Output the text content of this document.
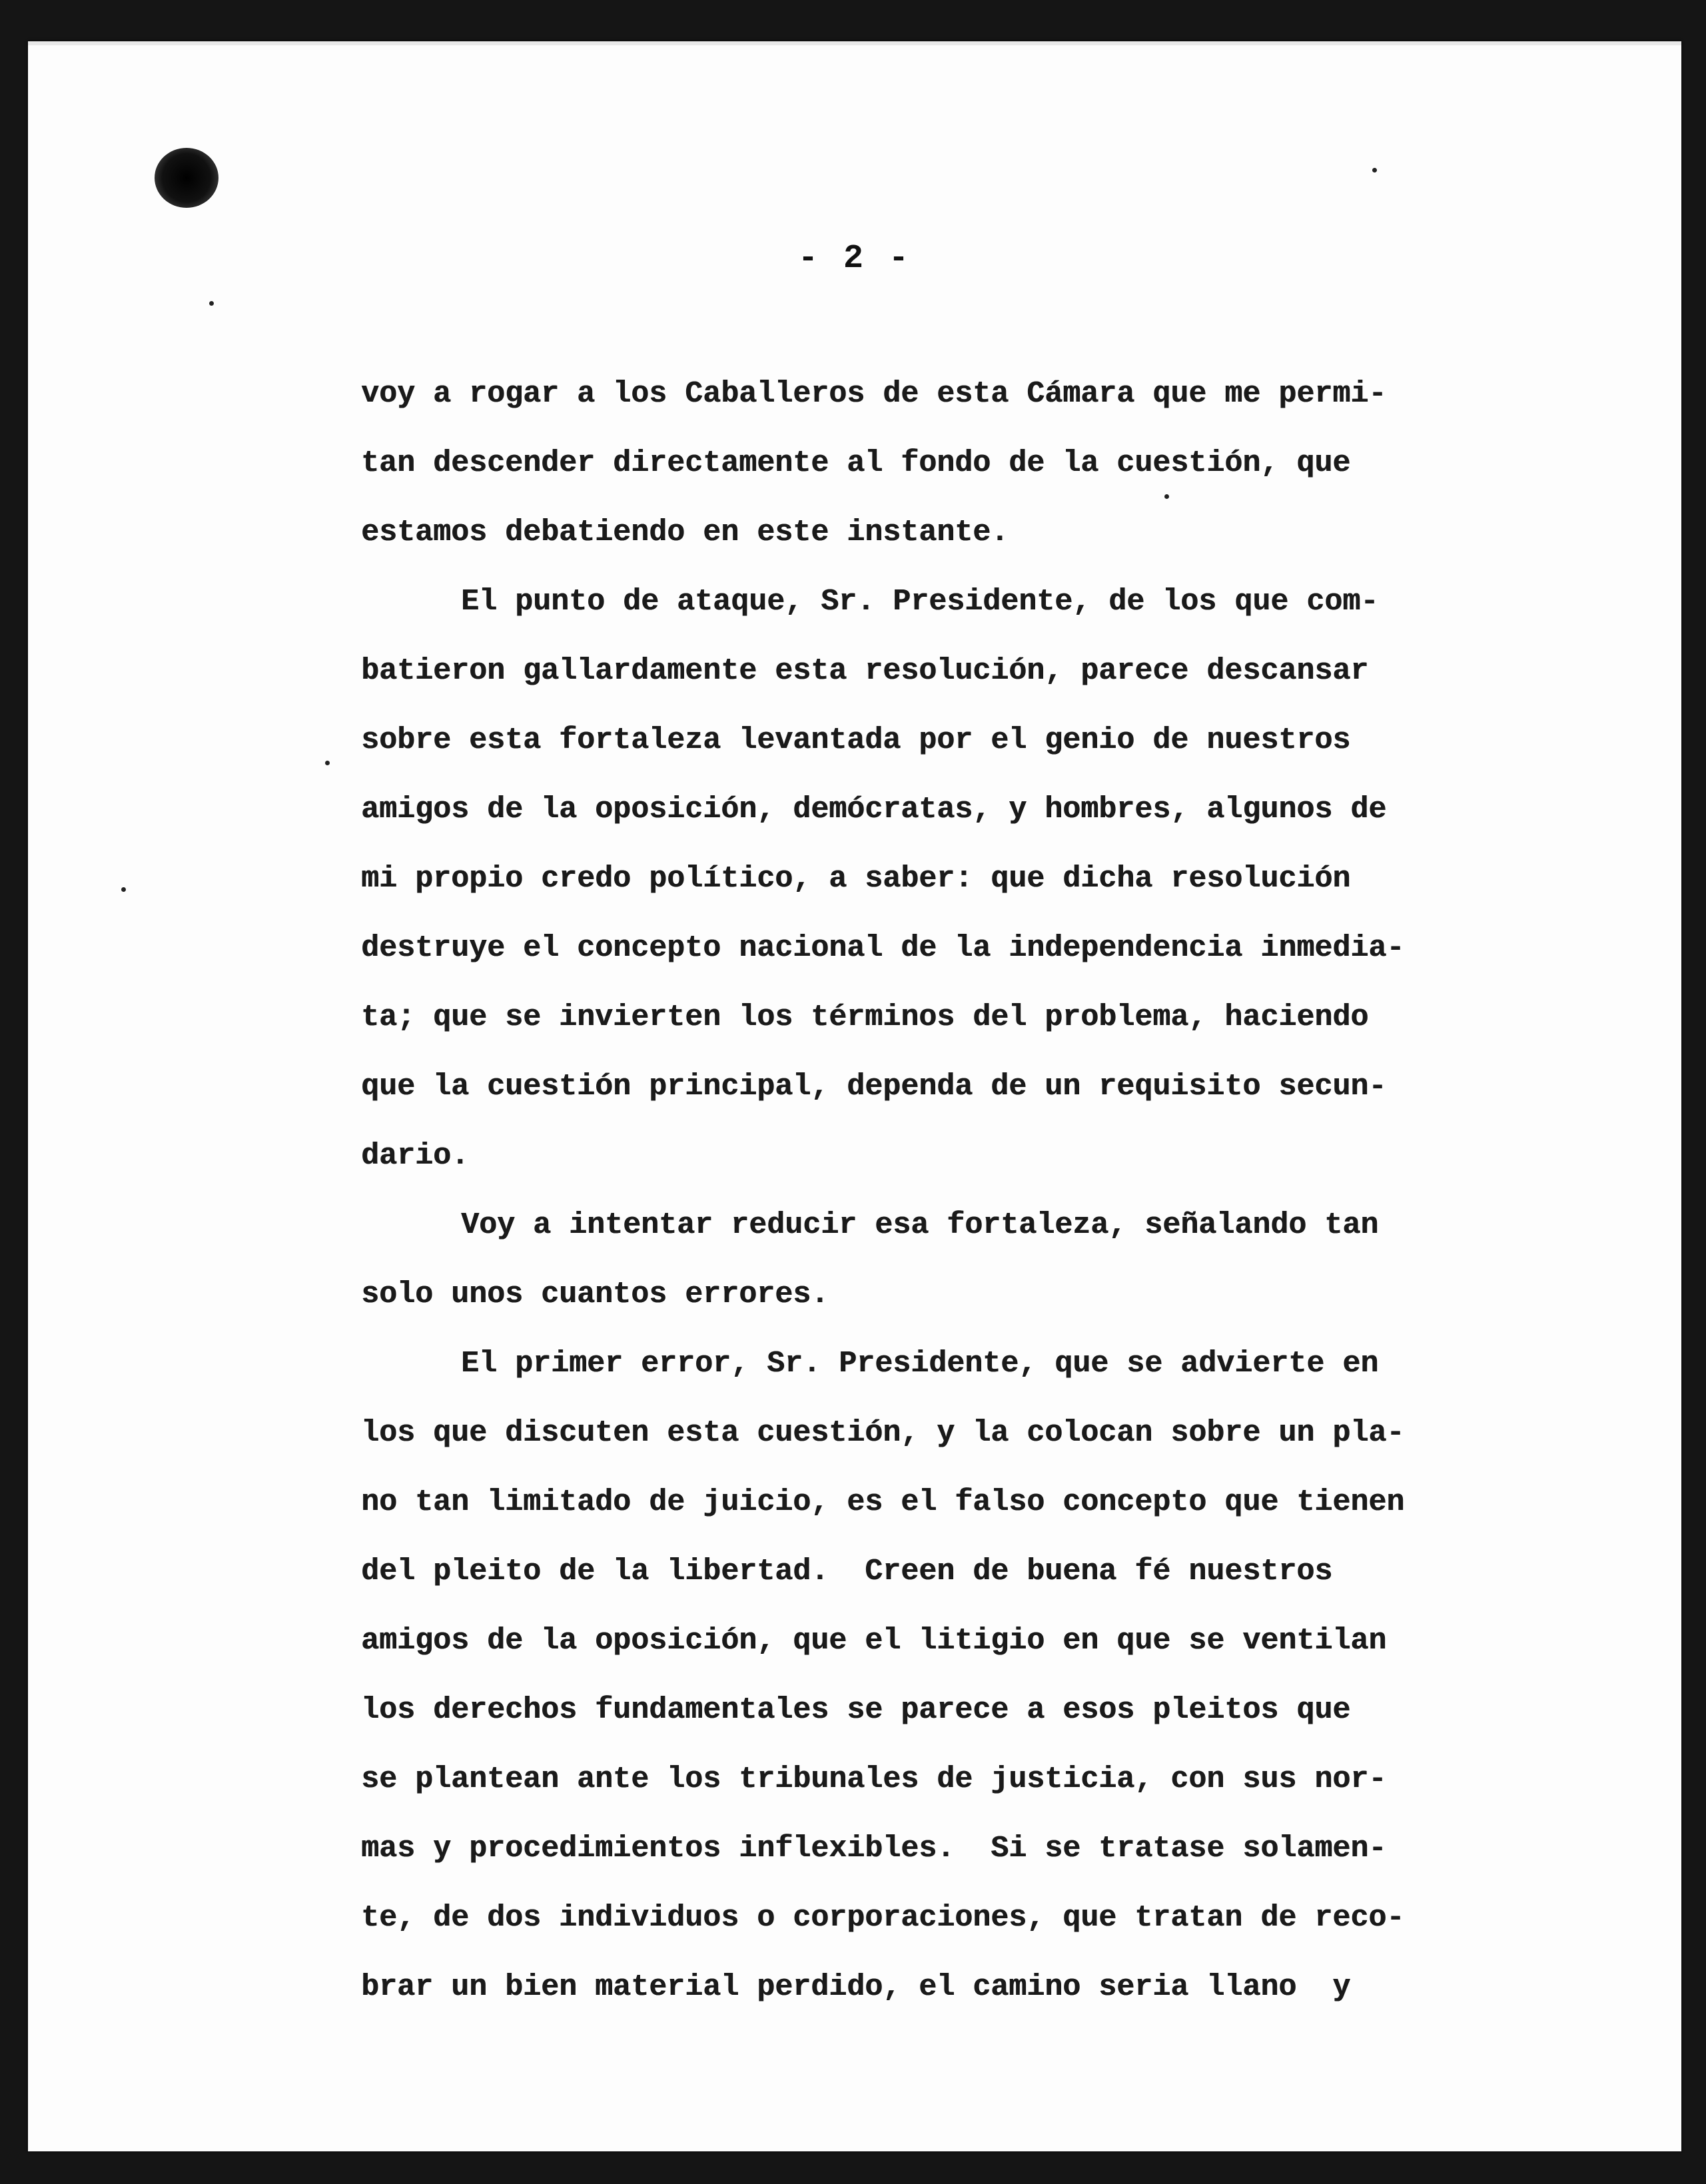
- 2 -
voy a rogar a los Caballeros de esta Cámara que me permi-
tan descender directamente al fondo de la cuestión, que
estamos debatiendo en este instante.
El punto de ataque, Sr. Presidente, de los que com-
batieron gallardamente esta resolución, parece descansar
sobre esta fortaleza levantada por el genio de nuestros
amigos de la oposición, demócratas, y hombres, algunos de
mi propio credo político, a saber: que dicha resolución
destruye el concepto nacional de la independencia inmedia-
ta; que se invierten los términos del problema, haciendo
que la cuestión principal, dependa de un requisito secun-
dario.
Voy a intentar reducir esa fortaleza, señalando tan
solo unos cuantos errores.
El primer error, Sr. Presidente, que se advierte en
los que discuten esta cuestión, y la colocan sobre un pla-
no tan limitado de juicio, es el falso concepto que tienen
del pleito de la libertad.  Creen de buena fé nuestros
amigos de la oposición, que el litigio en que se ventilan
los derechos fundamentales se parece a esos pleitos que
se plantean ante los tribunales de justicia, con sus nor-
mas y procedimientos inflexibles.  Si se tratase solamen-
te, de dos individuos o corporaciones, que tratan de reco-
brar un bien material perdido, el camino seria llano  y
